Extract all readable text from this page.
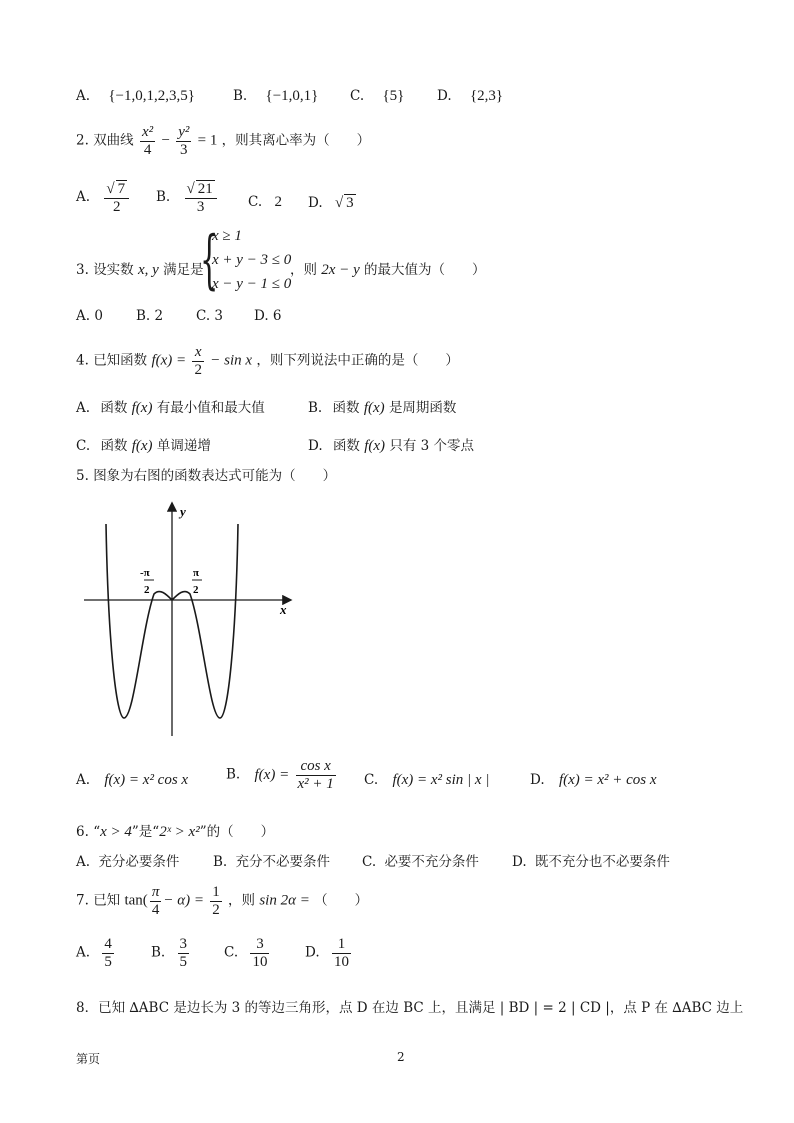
A. {−1,0,1,2,3,5}	B. {−1,0,1} C. {5} D. {2,3}
2. 双曲线 $\frac{\text{x²}}{4} - \frac{\text{y²}}{3} = 1$ ，则其离心率为（　　）
A. $\frac{√ 7}{2} B$. $\frac{√ 21}{3} C$. 2 D. √ 3
3. 设实数 x, y 满足是
{
x ≥ 1
x + y − 3 ≤ 0
x − y − 1 ≤ 0
，则 2x − y 的最大值为（　　）
A. 0 B. 2 C. 3 D. 6
4. 已知函数 $f(x) = \frac{x}{2} - \sin x$ ，则下列说法中正确的是（　　）
A. 函数 f(x) 有最小值和最大值	B. 函数 f(x) 是周期函数
C. 函数 f(x) 单调递增	D. 函数 f(x) 只有 3 个零点
5. 图象为右图的函数表达式可能为（　　）
y
x
-π
2
π
2
A. f(x) = x² cos x	B. $f(x) = \frac{\text{cos x}}{\text{x² + 1}} C$. f(x) = x² sin | x |	D. f(x) = x² + cos x
6. “x > 4”是“2ˣ > x²”的（　　）
A. 充分必要条件 B. 充分不必要条件 C. 必要不充分条件 D. 既不充分也不必要条件
7. 已知 $\tan( \frac{\pi}{4} - \alpha) = \frac{1}{2}$ ，则 sin 2α = （　　）
A. $\frac{4}{5}$	B. $\frac{3}{5}$	C. $\frac{3}{10}$	D. $\frac{1}{10}$
8．已知 ∆ABC 是边长为 3 的等边三角形，点 D 在边 BC 上，且满足 | BD | = 2 | CD |，点 P 在 ∆ABC 边上
第页	2
